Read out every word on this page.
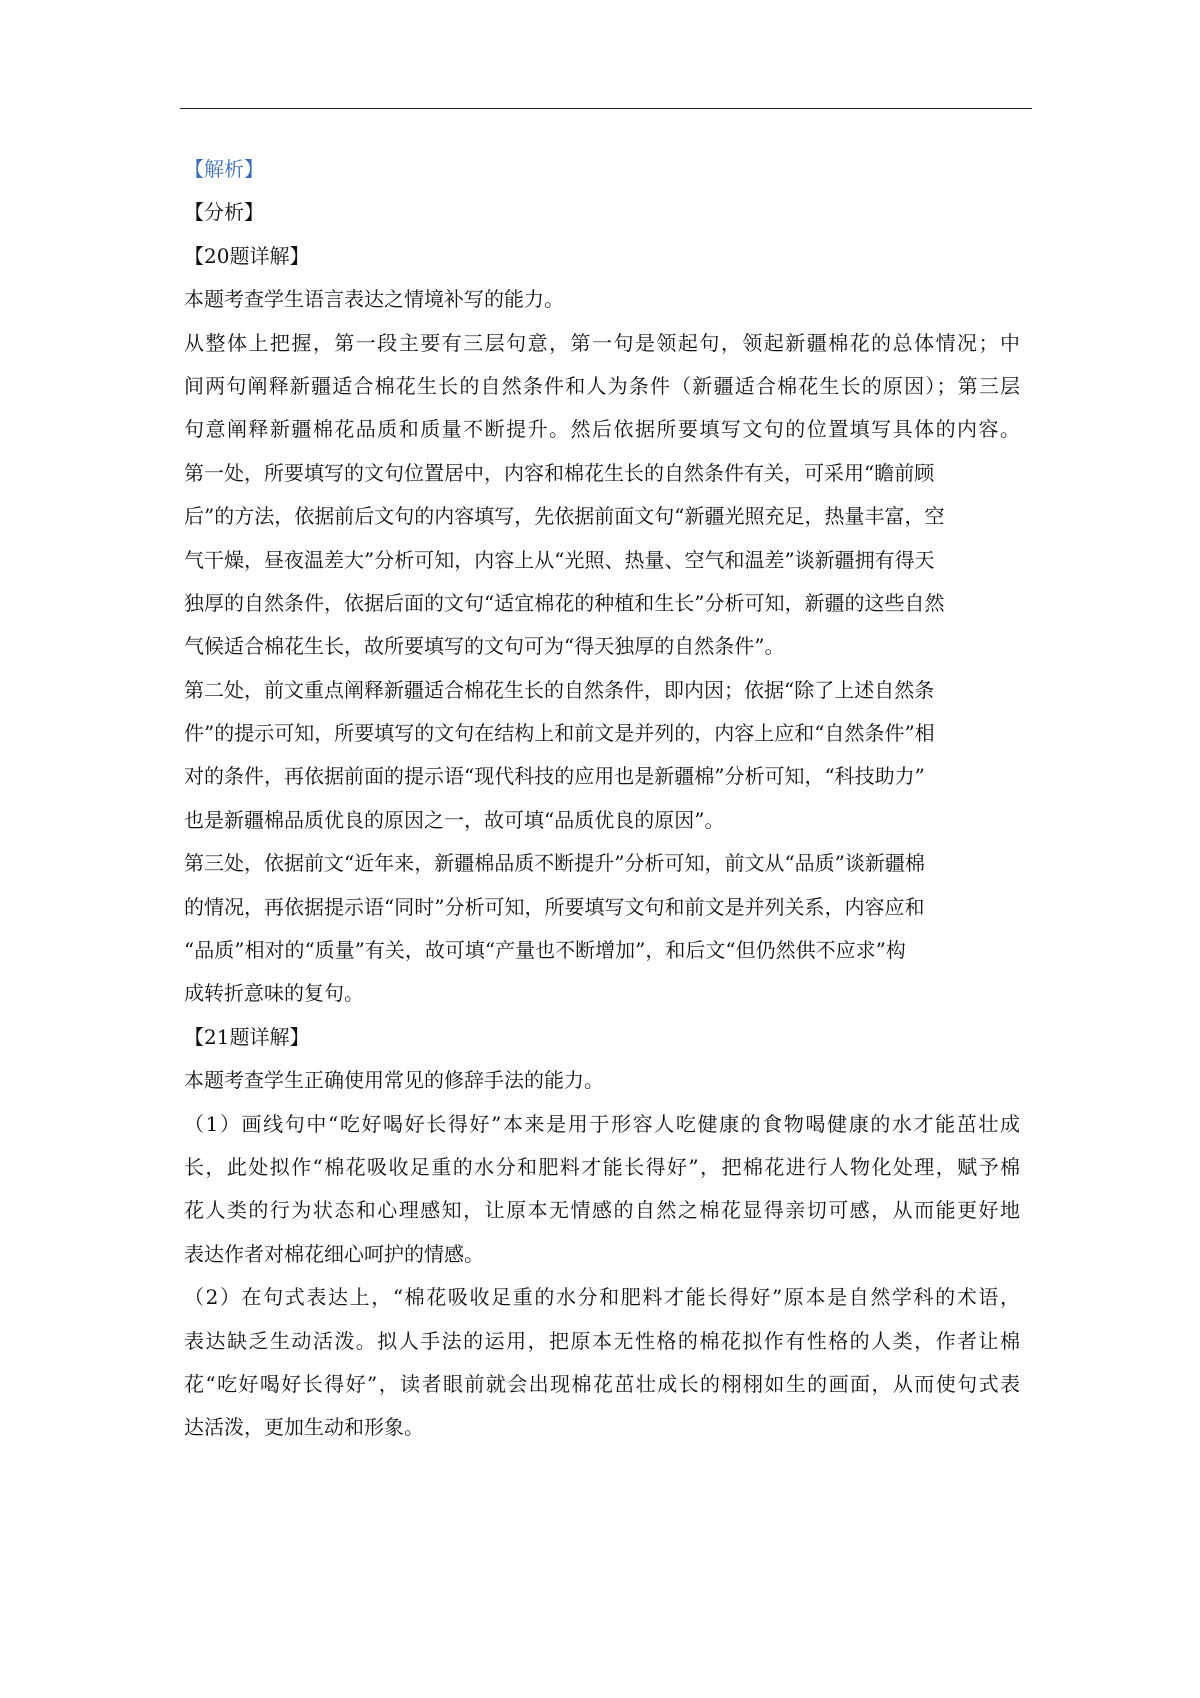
【解析】
【分析】
【20题详解】
本题考查学生语言表达之情境补写的能力。
从整体上把握，第一段主要有三层句意，第一句是领起句，领起新疆棉花的总体情况；中
间两句阐释新疆适合棉花生长的自然条件和人为条件（新疆适合棉花生长的原因）；第三层
句意阐释新疆棉花品质和质量不断提升。然后依据所要填写文句的位置填写具体的内容。
第一处，所要填写的文句位置居中，内容和棉花生长的自然条件有关，可采用“瞻前顾
后”的方法，依据前后文句的内容填写，先依据前面文句“新疆光照充足，热量丰富，空
气干燥，昼夜温差大”分析可知，内容上从“光照、热量、空气和温差”谈新疆拥有得天
独厚的自然条件，依据后面的文句“适宜棉花的种植和生长”分析可知，新疆的这些自然
气候适合棉花生长，故所要填写的文句可为“得天独厚的自然条件”。
第二处，前文重点阐释新疆适合棉花生长的自然条件，即内因；依据“除了上述自然条
件”的提示可知，所要填写的文句在结构上和前文是并列的，内容上应和“自然条件”相
对的条件，再依据前面的提示语“现代科技的应用也是新疆棉”分析可知，“科技助力”
也是新疆棉品质优良的原因之一，故可填“品质优良的原因”。
第三处，依据前文“近年来，新疆棉品质不断提升”分析可知，前文从“品质”谈新疆棉
的情况，再依据提示语“同时”分析可知，所要填写文句和前文是并列关系，内容应和
“品质”相对的“质量”有关，故可填“产量也不断增加”，和后文“但仍然供不应求”构
成转折意味的复句。
【21题详解】
本题考查学生正确使用常见的修辞手法的能力。
（1）画线句中“吃好喝好长得好”本来是用于形容人吃健康的食物喝健康的水才能茁壮成
长，此处拟作“棉花吸收足重的水分和肥料才能长得好”，把棉花进行人物化处理，赋予棉
花人类的行为状态和心理感知，让原本无情感的自然之棉花显得亲切可感，从而能更好地
表达作者对棉花细心呵护的情感。
（2）在句式表达上，“棉花吸收足重的水分和肥料才能长得好”原本是自然学科的术语，
表达缺乏生动活泼。拟人手法的运用，把原本无性格的棉花拟作有性格的人类，作者让棉
花“吃好喝好长得好”，读者眼前就会出现棉花茁壮成长的栩栩如生的画面，从而使句式表
达活泼，更加生动和形象。
